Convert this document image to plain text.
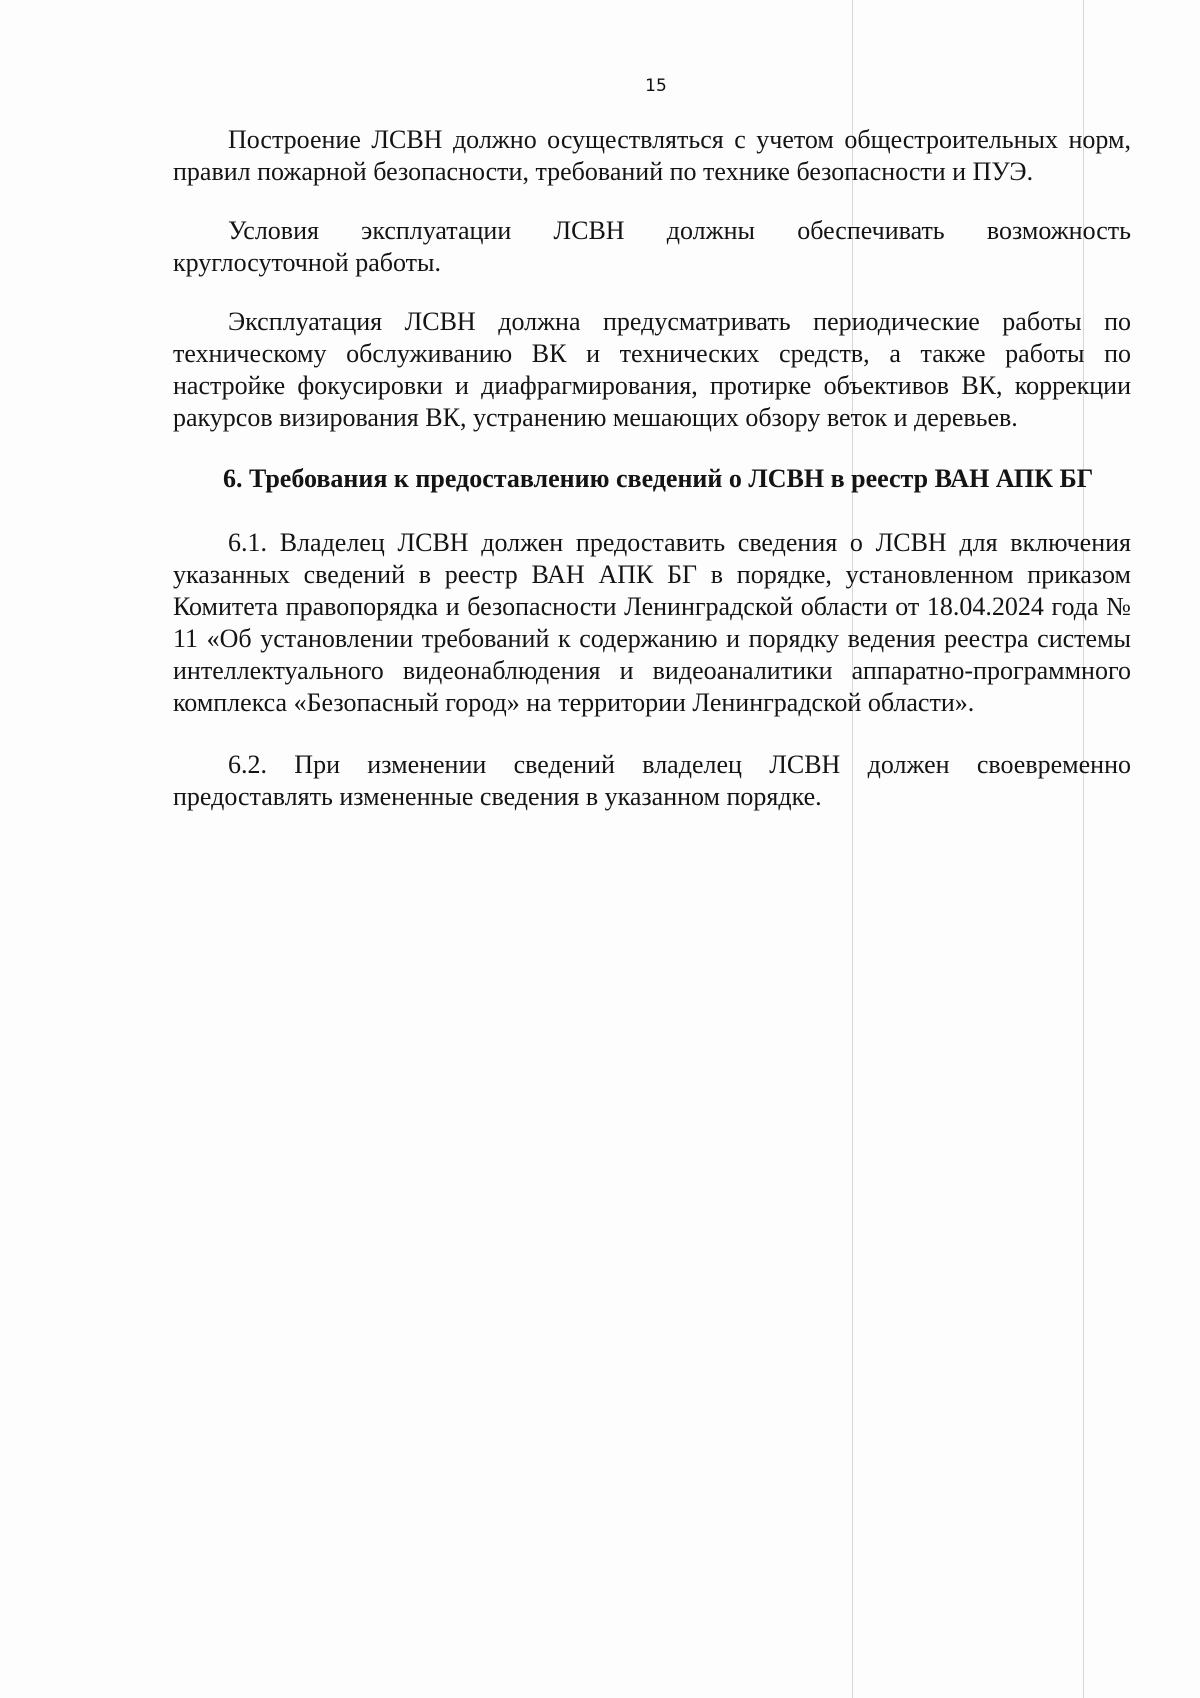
15

Построение ЛСВН должно осуществляться с учетом общестроительных норм, правил пожарной безопасности, требований по технике безопасности и ПУЭ.

Условия эксплуатации ЛСВН должны обеспечивать возможность круглосуточной работы.

Эксплуатация ЛСВН должна предусматривать периодические работы по техническому обслуживанию ВК и технических средств, а также работы по настройке фокусировки и диафрагмирования, протирке объективов ВК, коррекции ракурсов визирования ВК, устранению мешающих обзору веток и деревьев.

6. Требования к предоставлению сведений о ЛСВН в реестр ВАН АПК БГ

6.1. Владелец ЛСВН должен предоставить сведения о ЛСВН для включения указанных сведений в реестр ВАН АПК БГ в порядке, установленном приказом Комитета правопорядка и безопасности Ленинградской области от 18.04.2024 года № 11 «Об установлении требований к содержанию и порядку ведения реестра системы интеллектуального видеонаблюдения и видеоаналитики аппаратно-программного комплекса «Безопасный город» на территории Ленинградской области».

6.2. При изменении сведений владелец ЛСВН должен своевременно предоставлять измененные сведения в указанном порядке.
